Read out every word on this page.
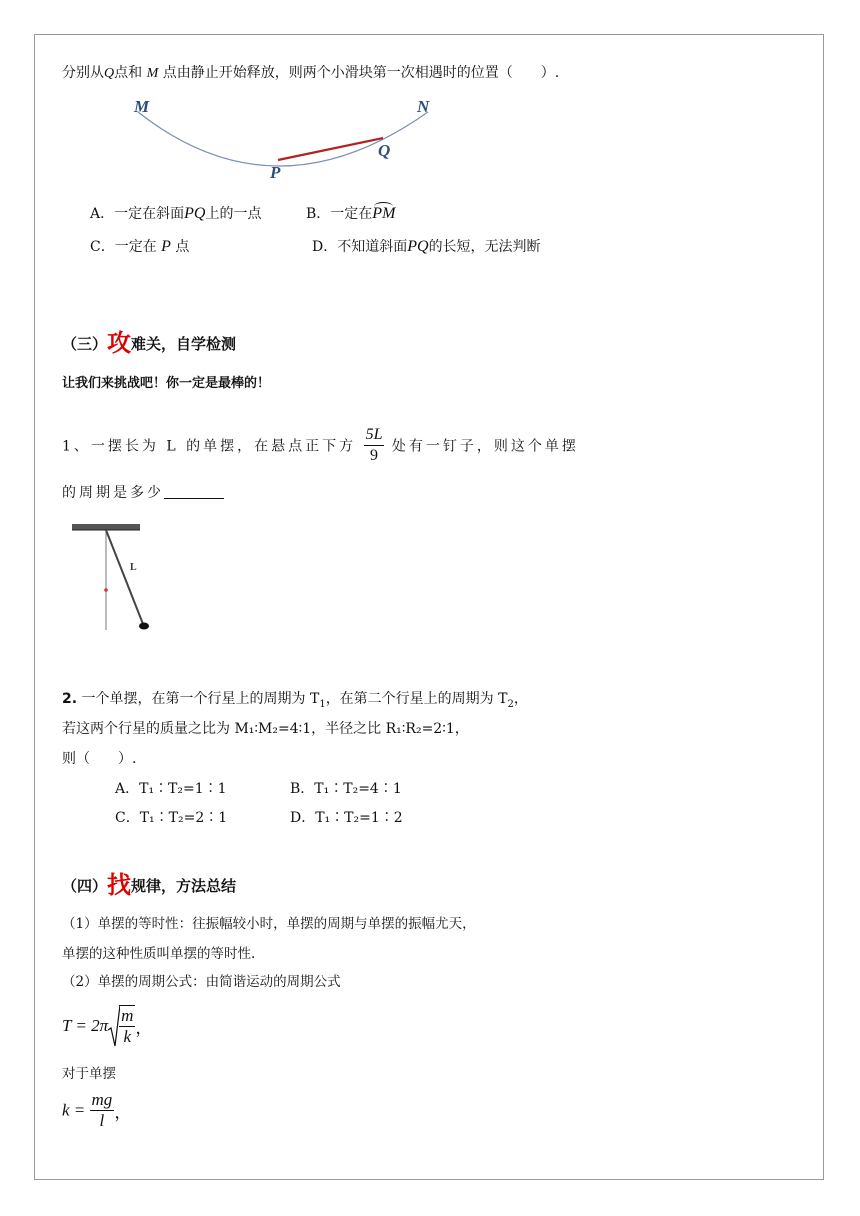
分别从Q点和 M 点由静止开始释放，则两个小滑块第一次相遇时的位置（　　）.
M	N
P
Q
A．一定在斜面PQ上的一点	B．一定在PM
C．一定在 P 点	D．不知道斜面PQ的长短，无法判断
（三）攻难关，自学检测
让我们来挑战吧！你一定是最棒的！
1、一摆长为 L 的单摆，在悬点正下方 $\frac{5L}{9}$ 处有一钉子，则这个单摆
的周期是多少
L
2. 一个单摆，在第一个行星上的周期为 $T_1$，在第二个行星上的周期为 $T_2$，
若这两个行星的质量之比为 M₁∶M₂=4∶1，半径之比 R₁∶R₂=2∶1，
则（　　）.
A．T₁∶T₂=1∶1	B．T₁∶T₂=4∶1
C．T₁∶T₂=2∶1	D．T₁∶T₂=1∶2
（四）找规律，方法总结
（1）单摆的等时性：往振幅较小时，单摆的周期与单摆的振幅尤天，
单摆的这种性质叫单摆的等时性.
（2）单摆的周期公式：由简谐运动的周期公式
$T = 2\pi \frac{m}{k}$ ，
对于单摆
$k = \frac{mg}{l}$ ，
